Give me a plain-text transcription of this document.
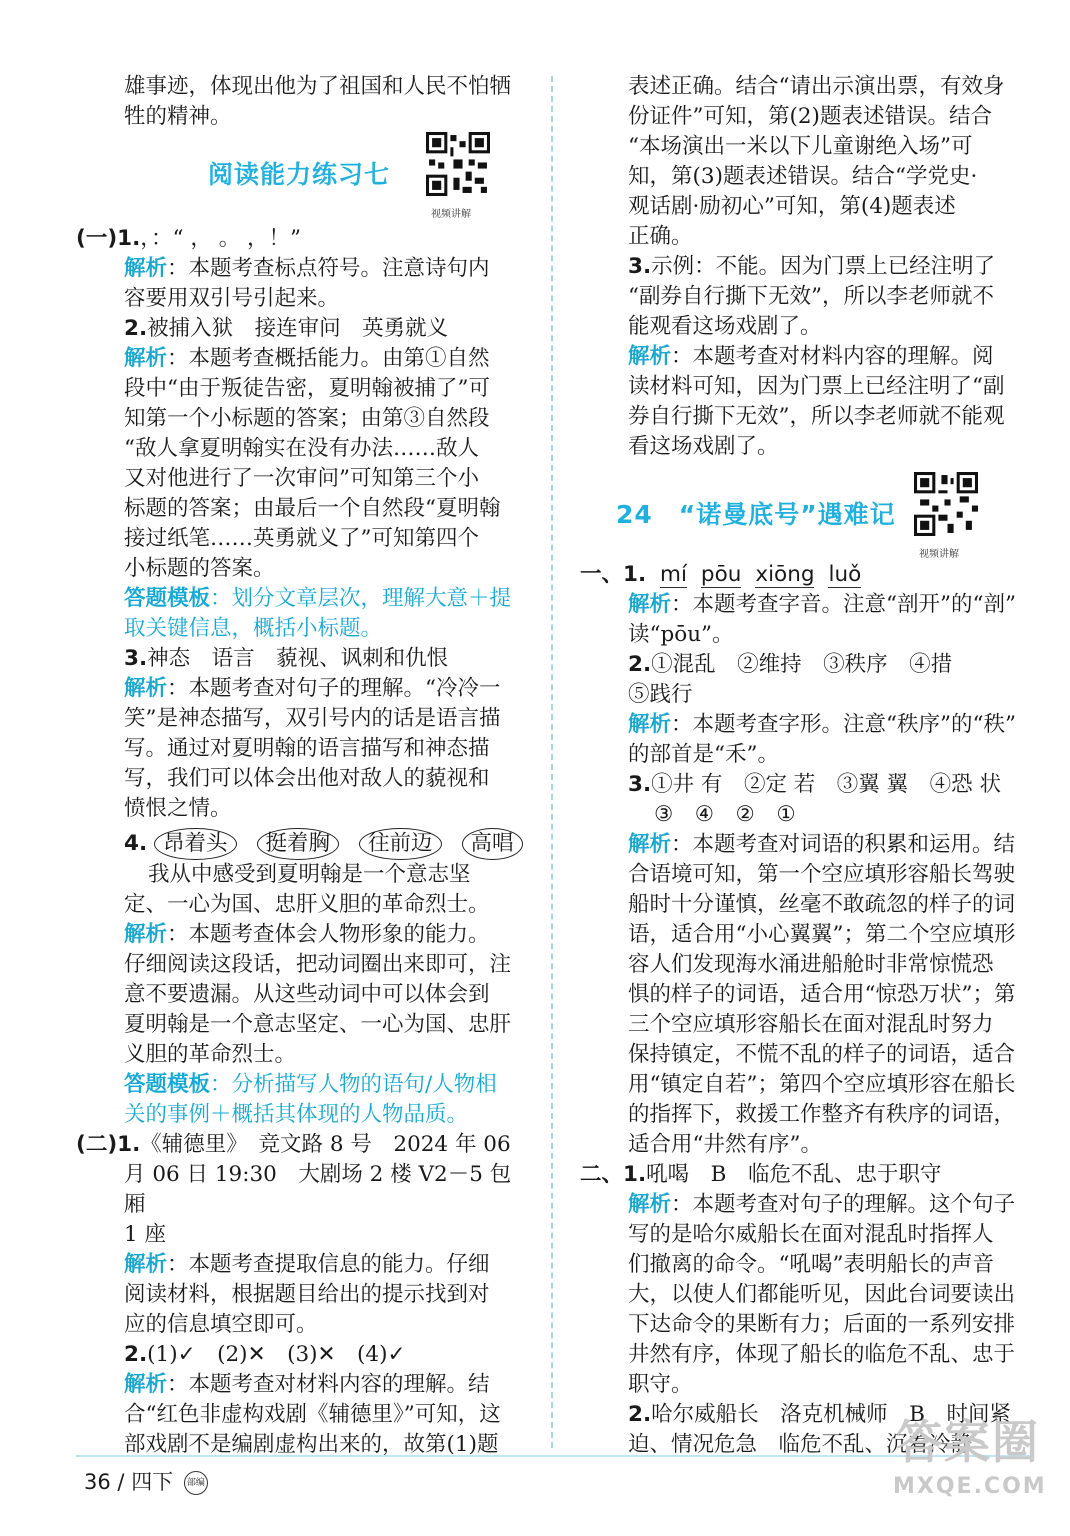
雄事迹，体现出他为了祖国和人民不怕牺

牲的精神。

阅读能力练习七
视频讲解

(一)1.，：“ ， 。 ，！”

解析：本题考查标点符号。注意诗句内

容要用双引号引起来。

2.被捕入狱　接连审问　英勇就义

解析：本题考查概括能力。由第①自然

段中“由于叛徒告密，夏明翰被捕了”可

知第一个小标题的答案；由第③自然段

“敌人拿夏明翰实在没有办法……敌人

又对他进行了一次审问”可知第三个小

标题的答案；由最后一个自然段“夏明翰

接过纸笔……英勇就义了”可知第四个

小标题的答案。

答题模板：划分文章层次，理解大意＋提

取关键信息，概括小标题。

3.神态　语言　藐视、讽刺和仇恨

解析：本题考查对句子的理解。“冷冷一

笑”是神态描写，双引号内的话是语言描

写。通过对夏明翰的语言描写和神态描

写，我们可以体会出他对敌人的藐视和

愤恨之情。

4. 昂着头 挺着胸 往前迈 高唱

我从中感受到夏明翰是一个意志坚

定、一心为国、忠肝义胆的革命烈士。

解析：本题考查体会人物形象的能力。

仔细阅读这段话，把动词圈出来即可，注

意不要遗漏。从这些动词中可以体会到

夏明翰是一个意志坚定、一心为国、忠肝

义胆的革命烈士。

答题模板：分析描写人物的语句/人物相

关的事例＋概括其体现的人物品质。

(二)1.《辅德里》　竞文路 8 号　2024 年 06

月 06 日 19:30　大剧场 2 楼 V2－5 包厢

1 座

解析：本题考查提取信息的能力。仔细

阅读材料，根据题目给出的提示找到对

应的信息填空即可。

2.(1)✓　(2)✕　(3)✕　(4)✓

解析：本题考查对材料内容的理解。结

合“红色非虚构戏剧《辅德里》”可知，这

部戏剧不是编剧虚构出来的，故第(1)题

表述正确。结合“请出示演出票，有效身

份证件”可知，第(2)题表述错误。结合

“本场演出一米以下儿童谢绝入场”可

知，第(3)题表述错误。结合“学党史·

观话剧·励初心”可知，第(4)题表述

正确。

3.示例：不能。因为门票上已经注明了

“副券自行撕下无效”，所以李老师就不

能观看这场戏剧了。

解析：本题考查对材料内容的理解。阅

读材料可知，因为门票上已经注明了“副

券自行撕下无效”，所以李老师就不能观

看这场戏剧了。

24　“诺曼底号”遇难记
视频讲解

一、1. mí pōu xiōng luǒ

解析：本题考查字音。注意“剖开”的“剖”

读“pōu”。

2.①混乱　②维持　③秩序　④措

⑤践行

解析：本题考查字形。注意“秩序”的“秩”

的部首是“禾”。

3.①井 有　②定 若　③翼 翼　④恐 状

③　④　②　①

解析：本题考查对词语的积累和运用。结

合语境可知，第一个空应填形容船长驾驶

船时十分谨慎，丝毫不敢疏忽的样子的词

语，适合用“小心翼翼”；第二个空应填形

容人们发现海水涌进船舱时非常惊慌恐

惧的样子的词语，适合用“惊恐万状”；第

三个空应填形容船长在面对混乱时努力

保持镇定，不慌不乱的样子的词语，适合

用“镇定自若”；第四个空应填形容在船长

的指挥下，救援工作整齐有秩序的词语，

适合用“井然有序”。

二、1.吼喝　B　临危不乱、忠于职守

解析：本题考查对句子的理解。这个句子

写的是哈尔威船长在面对混乱时指挥人

们撤离的命令。“吼喝”表明船长的声音

大，以使人们都能听见，因此台词要读出

下达命令的果断有力；后面的一系列安排

井然有序，体现了船长的临危不乱、忠于

职守。

2.哈尔威船长　洛克机械师　B　时间紧

迫、情况危急　临危不乱、沉着冷静

36 / 四下 部编
答案圈
MXQE.COM
